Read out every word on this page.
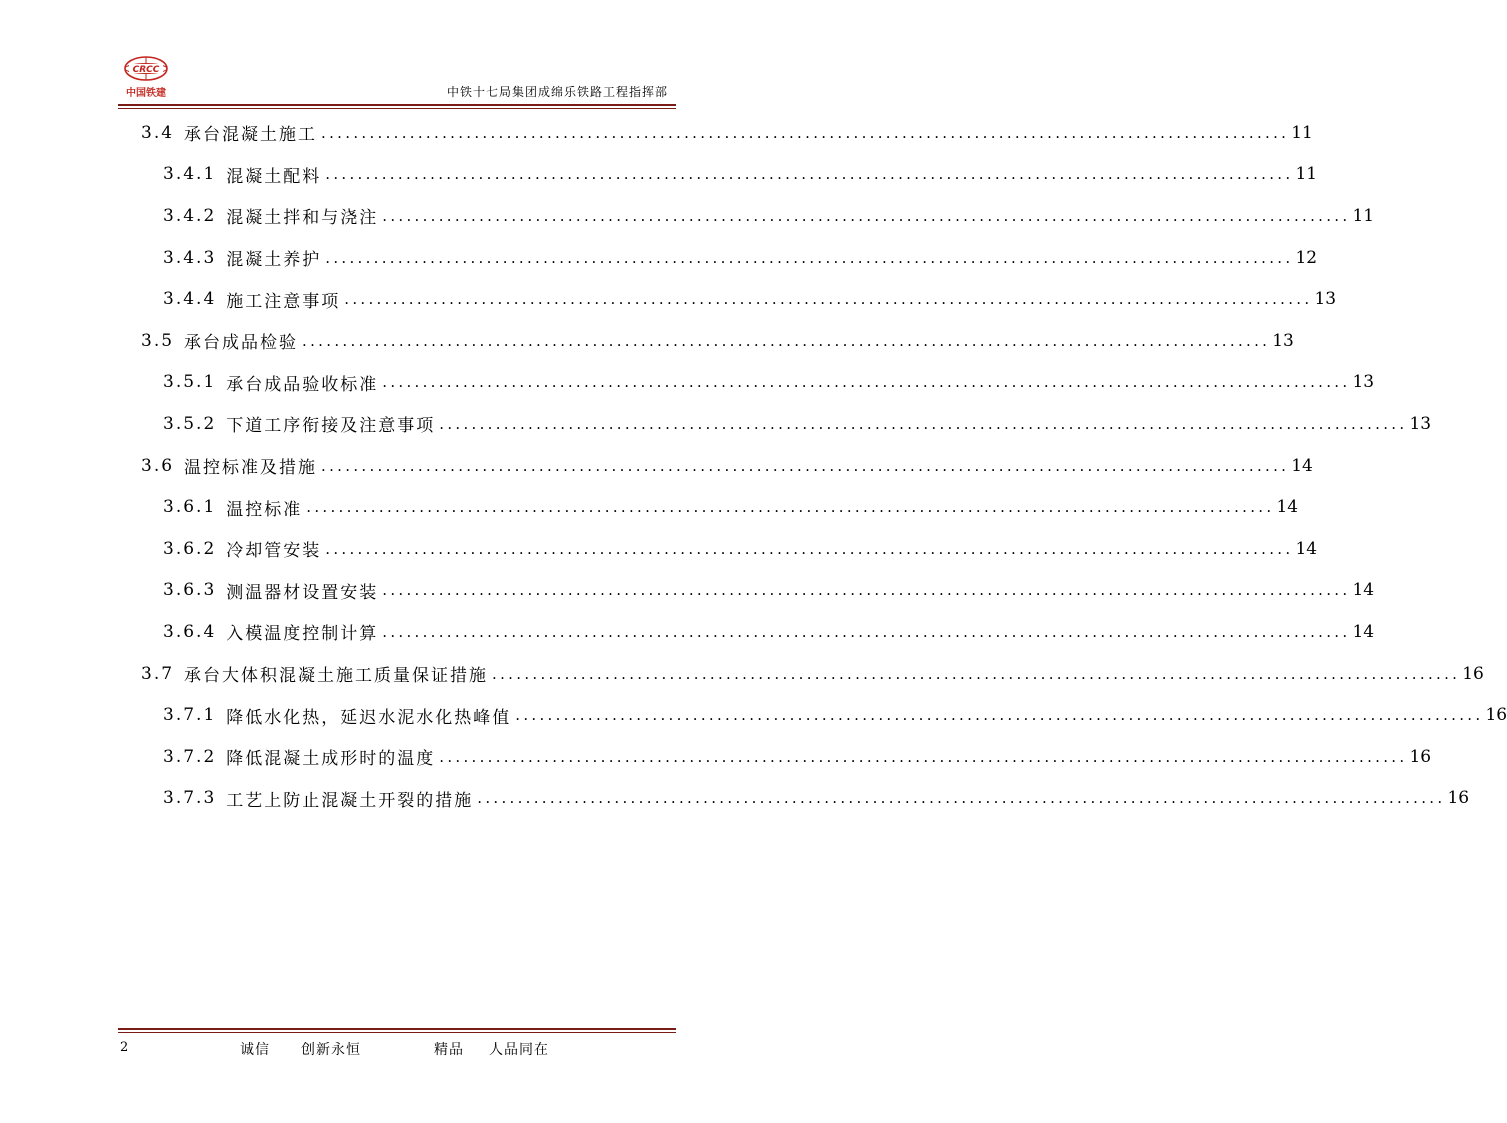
CRCC
中国铁建	中铁十七局集团成绵乐铁路工程指挥部
3.4 承台混凝土施工 ........................................................................................................................ 11
3.4.1 混凝土配料 ........................................................................................................................ 11
3.4.2 混凝土拌和与浇注 ........................................................................................................................ 11
3.4.3 混凝土养护 ........................................................................................................................ 12
3.4.4 施工注意事项 ........................................................................................................................ 13
3.5 承台成品检验 ........................................................................................................................ 13
3.5.1 承台成品验收标准 ........................................................................................................................ 13
3.5.2 下道工序衔接及注意事项 ........................................................................................................................ 13
3.6 温控标准及措施 ........................................................................................................................ 14
3.6.1 温控标准 ........................................................................................................................ 14
3.6.2 冷却管安装 ........................................................................................................................ 14
3.6.3 测温器材设置安装 ........................................................................................................................ 14
3.6.4 入模温度控制计算 ........................................................................................................................ 14
3.7 承台大体积混凝土施工质量保证措施 ........................................................................................................................ 16
3.7.1 降低水化热，延迟水泥水化热峰值 ........................................................................................................................ 16
3.7.2 降低混凝土成形时的温度 ........................................................................................................................ 16
3.7.3 工艺上防止混凝土开裂的措施 ........................................................................................................................ 16
2	诚信 创新永恒	精品 人品同在
